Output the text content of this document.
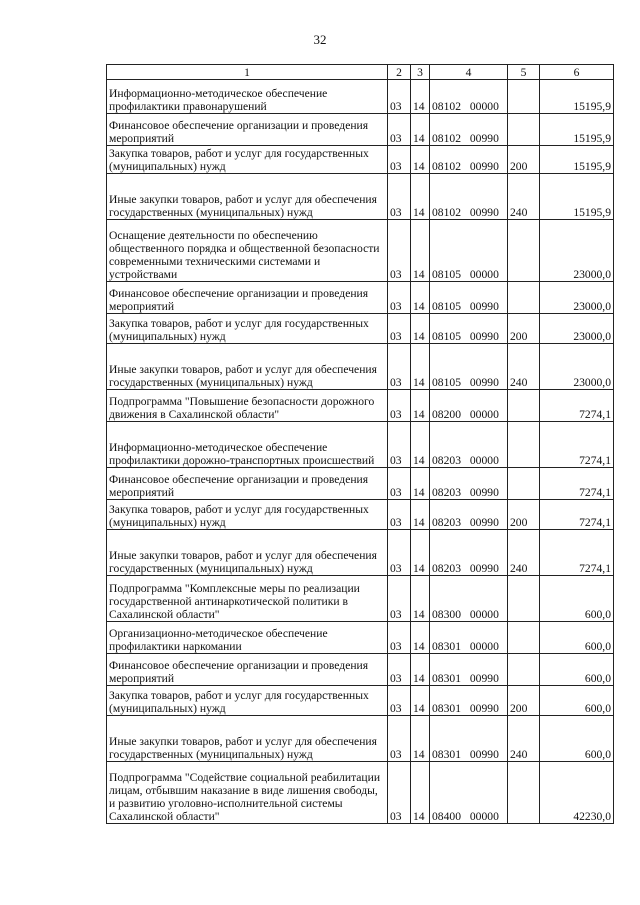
32
1	2	3	4	5	6
Информационно-методическое обеспечение профилактики правонарушений	03	14	08102 00000		15195,9
Финансовое обеспечение организации и проведения мероприятий	03	14	08102 00990		15195,9
Закупка товаров, работ и услуг для государственных (муниципальных) нужд	03	14	08102 00990	200	15195,9
Иные закупки товаров, работ и услуг для обеспечения государственных (муниципальных) нужд	03	14	08102 00990	240	15195,9
Оснащение деятельности по обеспечению общественного порядка и общественной безопасности современными техническими системами и устройствами	03	14	08105 00000		23000,0
Финансовое обеспечение организации и проведения мероприятий	03	14	08105 00990		23000,0
Закупка товаров, работ и услуг для государственных (муниципальных) нужд	03	14	08105 00990	200	23000,0
Иные закупки товаров, работ и услуг для обеспечения государственных (муниципальных) нужд	03	14	08105 00990	240	23000,0
Подпрограмма "Повышение безопасности дорожного движения в Сахалинской области"	03	14	08200 00000		7274,1
Информационно-методическое обеспечение профилактики дорожно-транспортных происшествий	03	14	08203 00000		7274,1
Финансовое обеспечение организации и проведения мероприятий	03	14	08203 00990		7274,1
Закупка товаров, работ и услуг для государственных (муниципальных) нужд	03	14	08203 00990	200	7274,1
Иные закупки товаров, работ и услуг для обеспечения государственных (муниципальных) нужд	03	14	08203 00990	240	7274,1
Подпрограмма "Комплексные меры по реализации государственной антинаркотической политики в Сахалинской области"	03	14	08300 00000		600,0
Организационно-методическое обеспечение профилактики наркомании	03	14	08301 00000		600,0
Финансовое обеспечение организации и проведения мероприятий	03	14	08301 00990		600,0
Закупка товаров, работ и услуг для государственных (муниципальных) нужд	03	14	08301 00990	200	600,0
Иные закупки товаров, работ и услуг для обеспечения государственных (муниципальных) нужд	03	14	08301 00990	240	600,0
Подпрограмма "Содействие социальной реабилитации лицам, отбывшим наказание в виде лишения свободы, и развитию уголовно-исполнительной системы Сахалинской области"	03	14	08400 00000		42230,0
